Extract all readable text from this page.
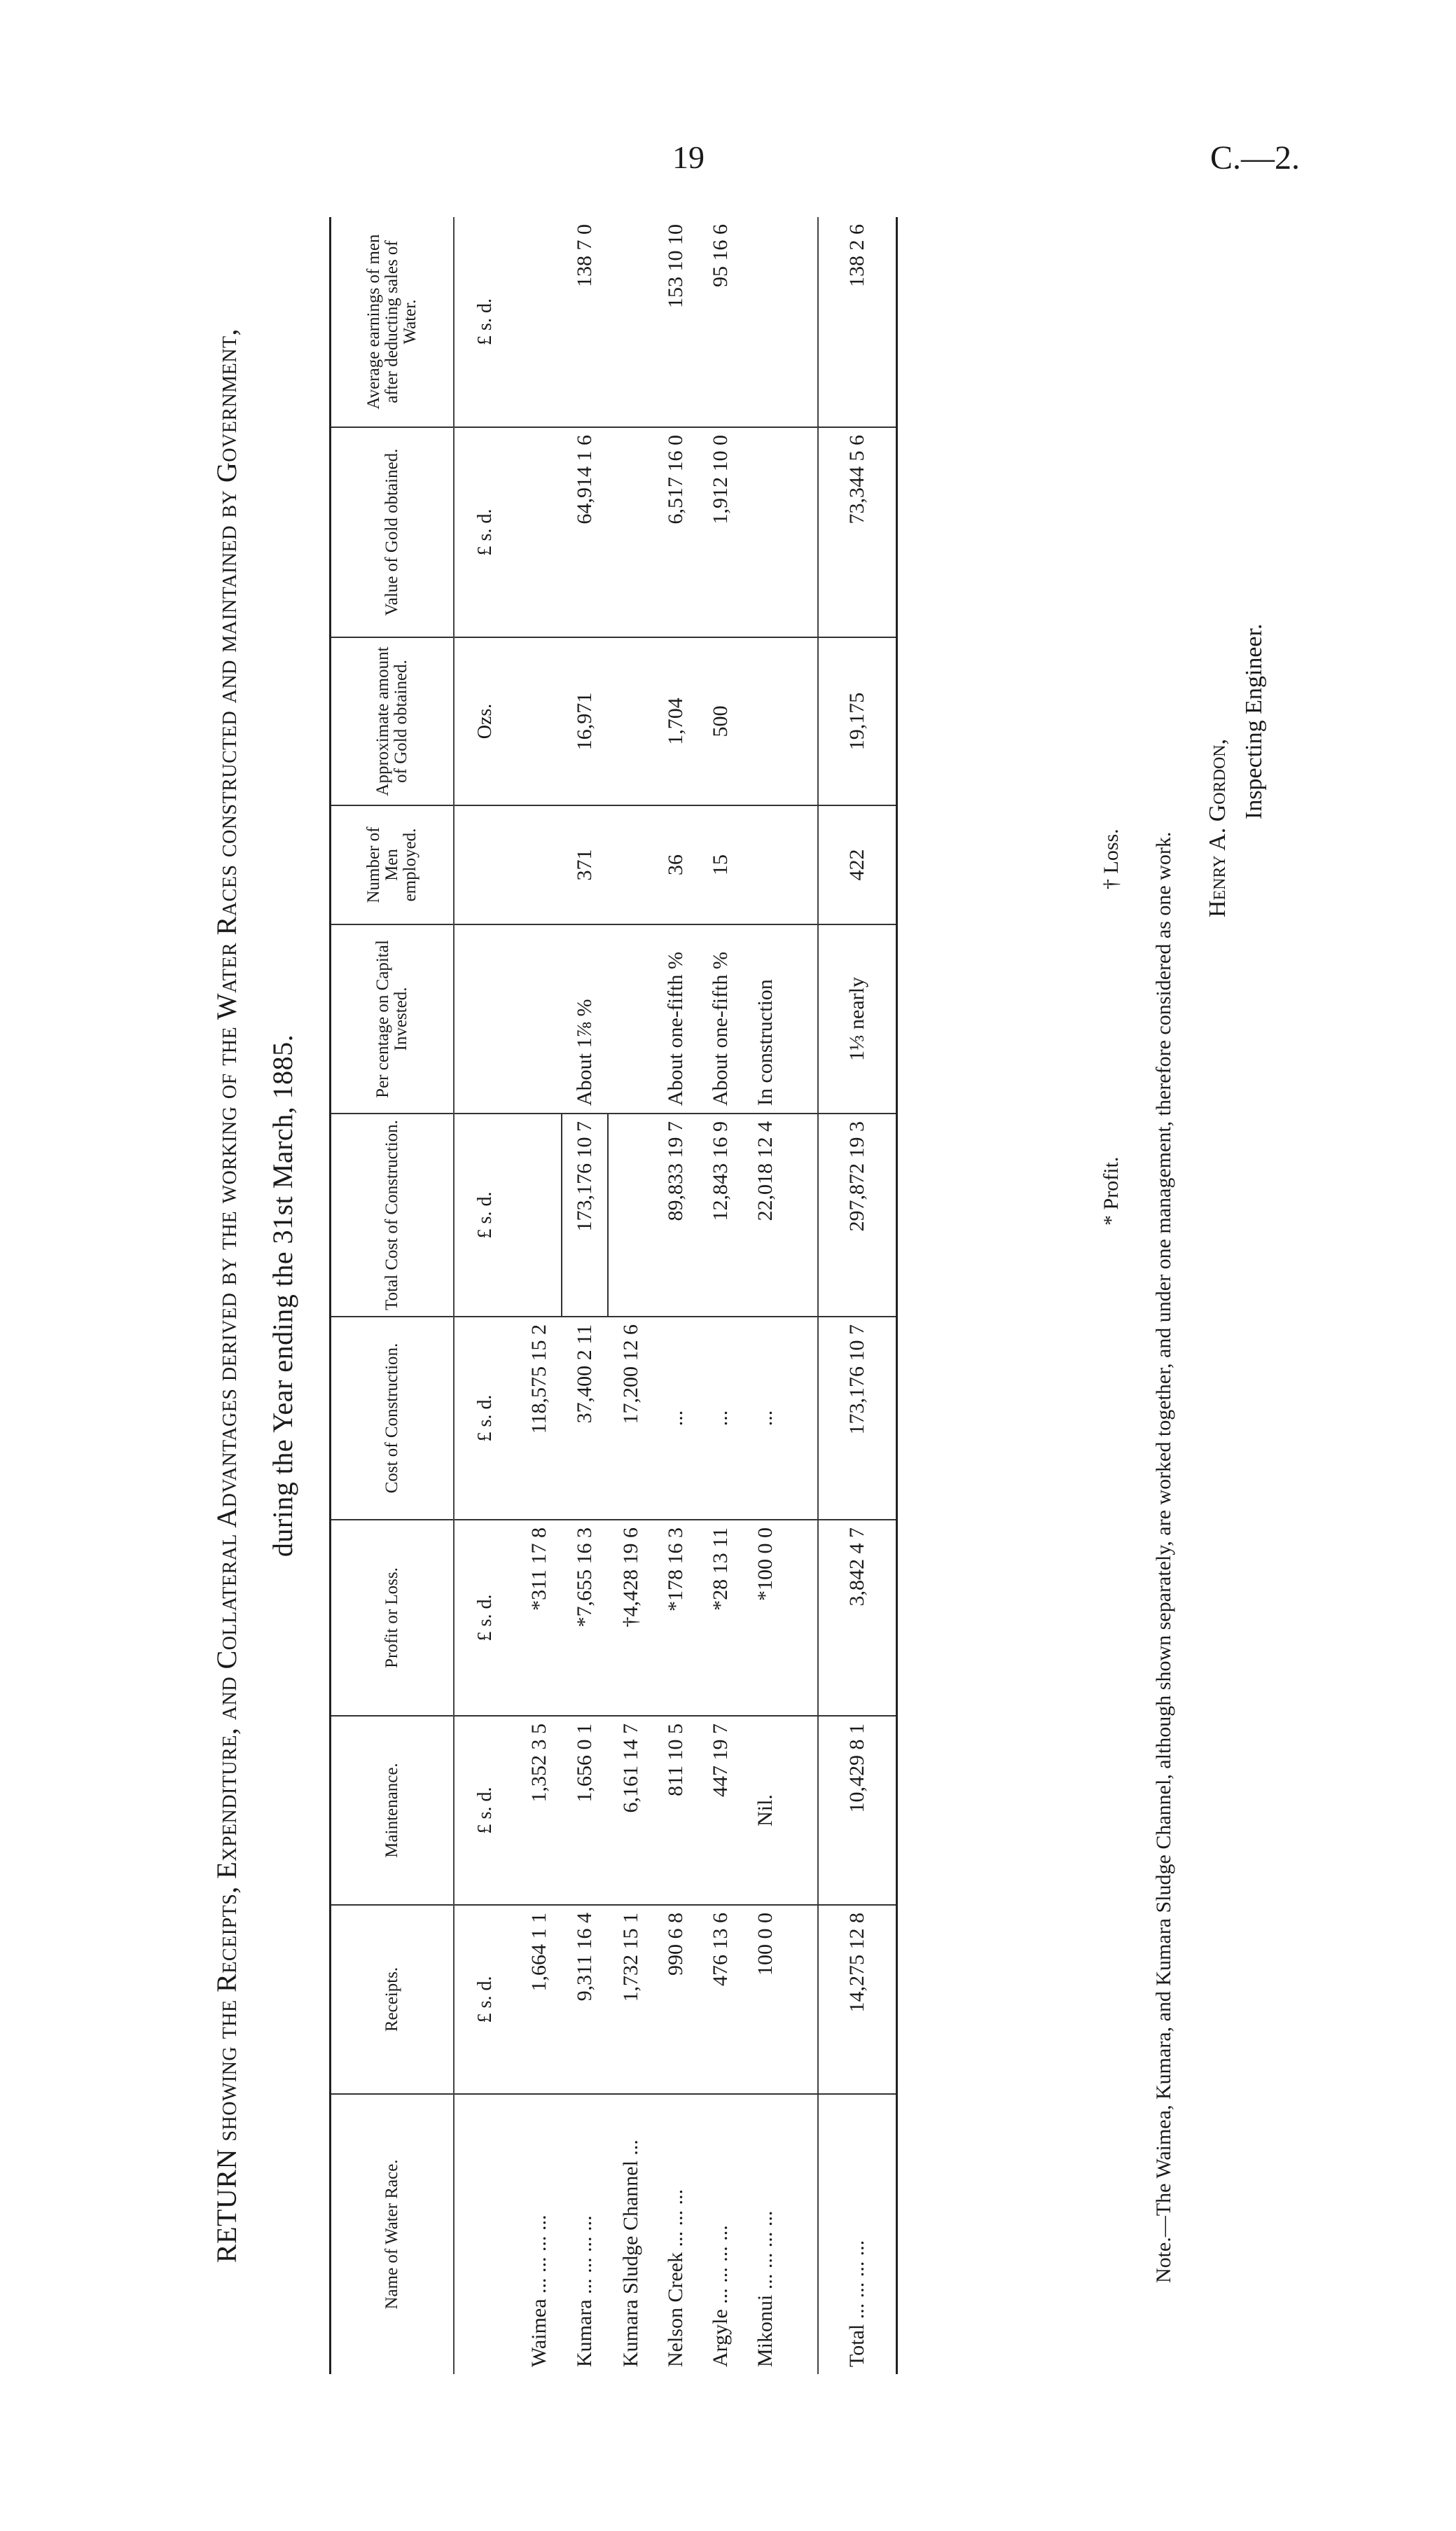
19	C.—2.
RETURN showing the Receipts, Expenditure, and Collateral Advantages derived by the working of the Water Races constructed and maintained by Government, during the Year ending the 31st March, 1885.
Name of Water Race.	Receipts.	Maintenance.	Profit or Loss.	Cost of Construction.	Total Cost of Construction.	Per centage on Capital Invested.	Number of Men employed.	Approximate amount of Gold obtained.	Value of Gold obtained.	Average earnings of men after deducting sales of Water.
	£ s. d.	£ s. d.	£ s. d.	£ s. d.	£ s. d.			Ozs.	£ s. d.	£ s. d.
Waimea ... ... ... ...	1,664 1 1	1,352 3 5	*311 17 8	118,575 15 2						
Kumara ... ... ... ...	9,311 16 4	1,656 0 1	*7,655 16 3	37,400 2 11	173,176 10 7	About 1⅞ %	371	16,971	64,914 1 6	138 7 0
Kumara Sludge Channel ...	1,732 15 1	6,161 14 7	†4,428 19 6	17,200 12 6						
Nelson Creek ... ... ...	990 6 8	811 10 5	*178 16 3	...	89,833 19 7	About one-fifth %	36	1,704	6,517 16 0	153 10 10
Argyle ... ... ... ...	476 13 6	447 19 7	*28 13 11	...	12,843 16 9	About one-fifth %	15	500	1,912 10 0	95 16 6
Mikonui ... ... ... ...	100 0 0	Nil.	*100 0 0	...	22,018 12 4	In construction				

Total ... ... ... ...	14,275 12 8	10,429 8 1	3,842 4 7	173,176 10 7	297,872 19 3	1⅓ nearly	422	19,175	73,344 5 6	138 2 6
* Profit.
† Loss. Note.—The Waimea, Kumara, and Kumara Sludge Channel, although shown separately, are worked together, and under one management, therefore considered as one work.
Henry A. Gordon,
Inspecting Engineer.
